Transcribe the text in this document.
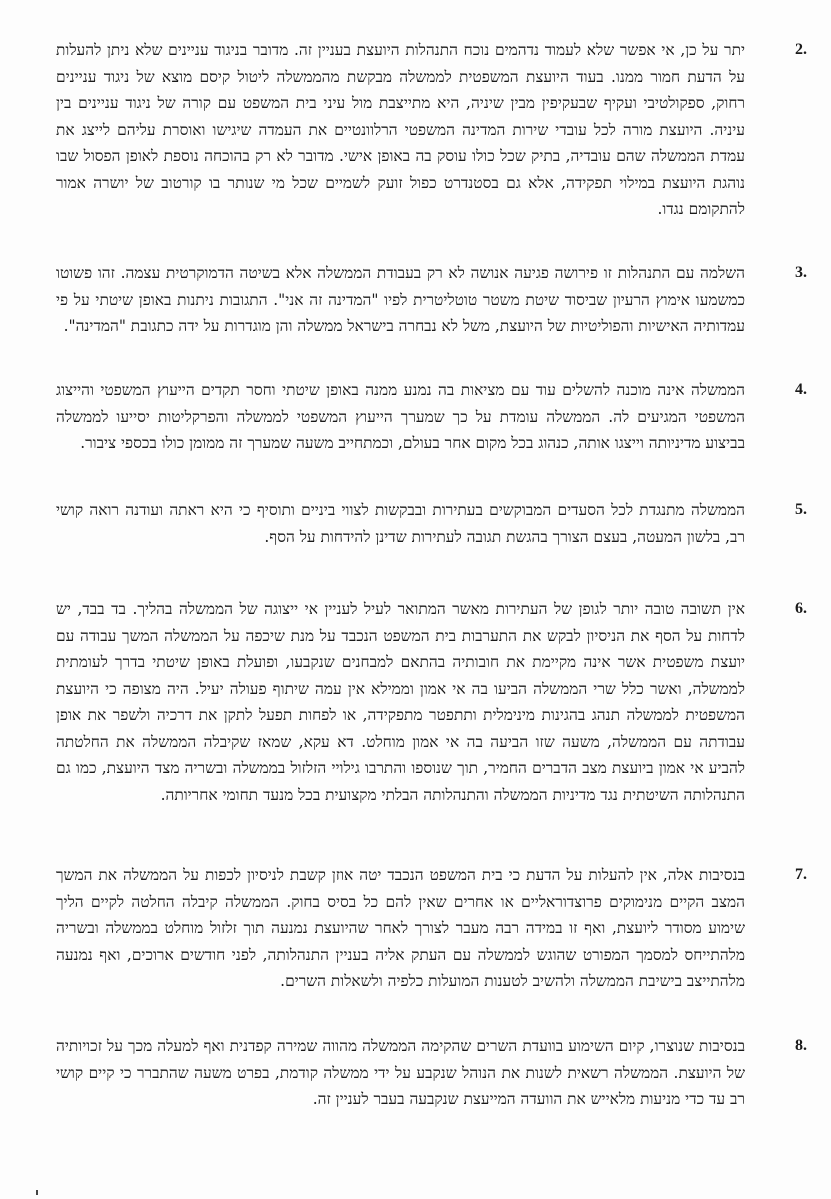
2.

יתר על כן, אי אפשר שלא לעמוד נדהמים נוכח התנהלות היועצת בעניין זה. מדובר בניגוד עניינים שלא ניתן להעלות על הדעת חמור ממנו. בעוד היועצת המשפטית לממשלה מבקשת מהממשלה ליטול קיסם מוצא של ניגוד עניינים רחוק, ספקולטיבי ועקיף שבעקיפין מבין שיניה, היא מתייצבת מול עיני בית המשפט עם קורה של ניגוד עניינים בין עיניה. היועצת מורה לכל עובדי שירות המדינה המשפטי הרלוונטיים את העמדה שיגישו ואוסרת עליהם לייצג את עמדת הממשלה שהם עובדיה, בתיק שכל כולו עוסק בה באופן אישי. מדובר לא רק בהוכחה נוספת לאופן הפסול שבו נוהגת היועצת במילוי תפקידה, אלא גם בסטנדרט כפול זועק לשמיים שכל מי שנותר בו קורטוב של יושרה אמור להתקומם נגדו.

3.

השלמה עם התנהלות זו פירושה פגיעה אנושה לא רק בעבודת הממשלה אלא בשיטה הדמוקרטית עצמה. זהו פשוטו כמשמעו אימוץ הרעיון שביסוד שיטת משטר טוטליטרית לפיו "המדינה זה אני". התגובות ניתנות באופן שיטתי על פי עמדותיה האישיות והפוליטיות של היועצת, משל לא נבחרה בישראל ממשלה והן מוגדרות על ידה כתגובת "המדינה".

4.

הממשלה אינה מוכנה להשלים עוד עם מציאות בה נמנע ממנה באופן שיטתי וחסר תקדים הייעוץ המשפטי והייצוג המשפטי המגיעים לה. הממשלה עומדת על כך שמערך הייעוץ המשפטי לממשלה והפרקליטות יסייעו לממשלה בביצוע מדיניותה וייצגו אותה, כנהוג בכל מקום אחר בעולם, וכמתחייב משעה שמערך זה ממומן כולו בכספי ציבור.

5.

הממשלה מתנגדת לכל הסעדים המבוקשים בעתירות ובבקשות לצווי ביניים ותוסיף כי היא ראתה ועודנה רואה קושי רב, בלשון המעטה, בעצם הצורך בהגשת תגובה לעתירות שדינן להידחות על הסף.

6.

אין תשובה טובה יותר לגופן של העתירות מאשר המתואר לעיל לעניין אי ייצוגה של הממשלה בהליך. בד בבד, יש לדחות על הסף את הניסיון לבקש את התערבות בית המשפט הנכבד על מנת שיכפה על הממשלה המשך עבודה עם יועצת משפטית אשר אינה מקיימת את חובותיה בהתאם למבחנים שנקבעו, ופועלת באופן שיטתי בדרך לעומתית לממשלה, ואשר כלל שרי הממשלה הביעו בה אי אמון וממילא אין עמה שיתוף פעולה יעיל. היה מצופה כי היועצת המשפטית לממשלה תנהג בהגינות מינימלית ותתפטר מתפקידה, או לפחות תפעל לתקן את דרכיה ולשפר את אופן עבודתה עם הממשלה, משעה שזו הביעה בה אי אמון מוחלט. דא עקא, שמאז שקיבלה הממשלה את החלטתה להביע אי אמון ביועצת מצב הדברים החמיר, תוך שנוספו והתרבו גילויי הזלזול בממשלה ובשריה מצד היועצת, כמו גם התנהלותה השיטתית נגד מדיניות הממשלה והתנהלותה הבלתי מקצועית בכל מנעד תחומי אחריותה.

7.

בנסיבות אלה, אין להעלות על הדעת כי בית המשפט הנכבד יטה אוזן קשבת לניסיון לכפות על הממשלה את המשך המצב הקיים מנימוקים פרוצדוראליים או אחרים שאין להם כל בסיס בחוק. הממשלה קיבלה החלטה לקיים הליך שימוע מסודר ליועצת, ואף זו במידה רבה מעבר לצורך לאחר שהיועצת נמנעה תוך זלזול מוחלט בממשלה ובשריה מלהתייחס למסמך המפורט שהוגש לממשלה עם העתק אליה בעניין התנהלותה, לפני חודשים ארוכים, ואף נמנעה מלהתייצב בישיבת הממשלה ולהשיב לטענות המועלות כלפיה ולשאלות השרים.

8.

בנסיבות שנוצרו, קיום השימוע בוועדת השרים שהקימה הממשלה מהווה שמירה קפדנית ואף למעלה מכך על זכויותיה של היועצת. הממשלה רשאית לשנות את הנוהל שנקבע על ידי ממשלה קודמת, בפרט משעה שהתברר כי קיים קושי רב עד כדי מניעות מלאייש את הוועדה המייעצת שנקבעה בעבר לעניין זה.
